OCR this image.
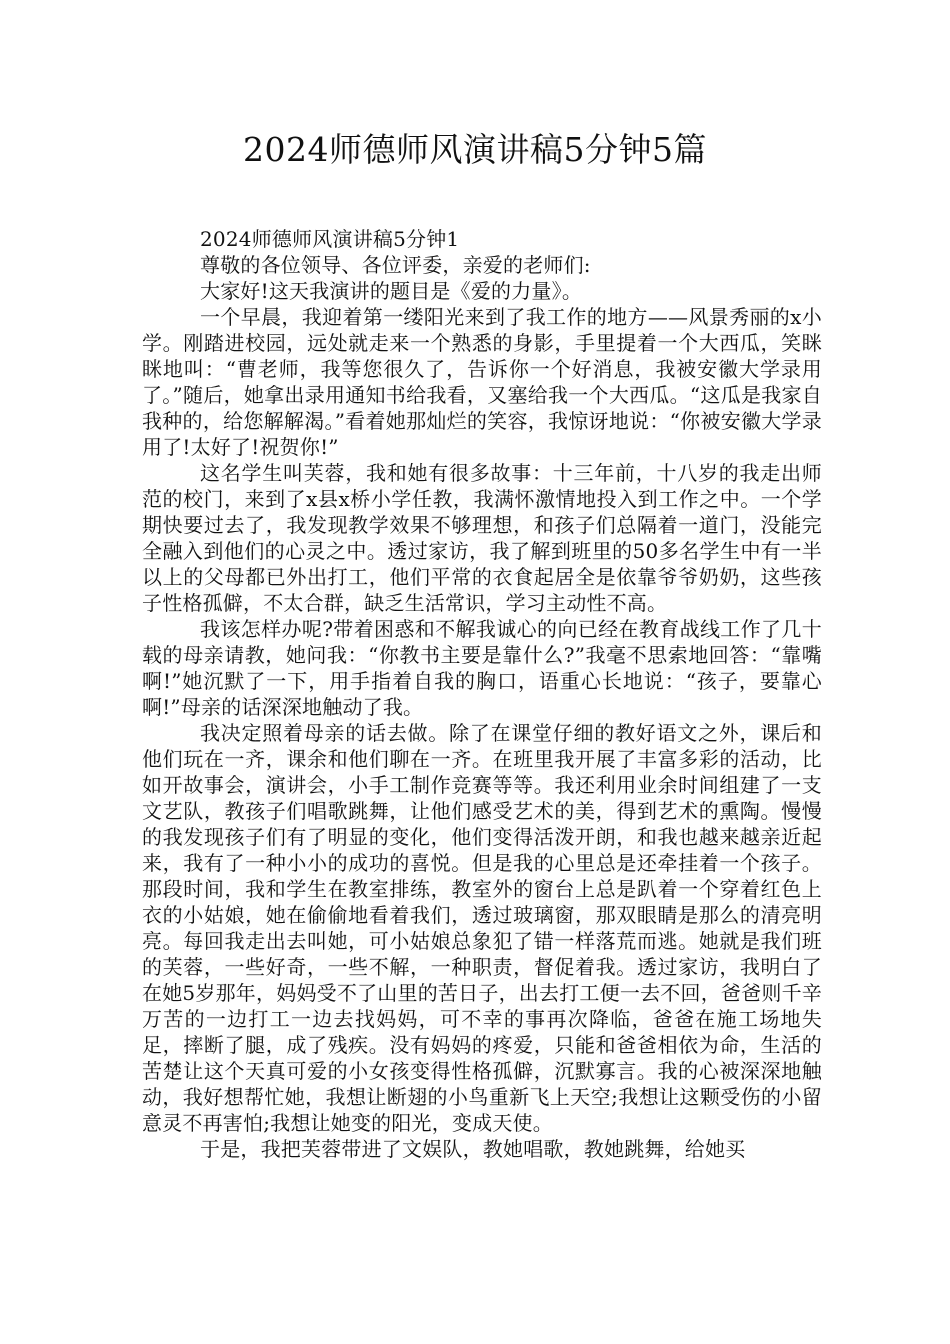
2024师德师风演讲稿5分钟5篇

2024师德师风演讲稿5分钟1

尊敬的各位领导、各位评委，亲爱的老师们:

大家好!这天我演讲的题目是《爱的力量》。

一个早晨，我迎着第一缕阳光来到了我工作的地方——风景秀丽的x小学。刚踏进校园，远处就走来一个熟悉的身影，手里提着一个大西瓜，笑眯眯地叫：“曹老师，我等您很久了，告诉你一个好消息，我被安徽大学录用了。”随后，她拿出录用通知书给我看，又塞给我一个大西瓜。“这瓜是我家自我种的，给您解解渴。”看着她那灿烂的笑容，我惊讶地说：“你被安徽大学录用了!太好了!祝贺你!”

这名学生叫芙蓉，我和她有很多故事：十三年前，十八岁的我走出师范的校门，来到了x县x桥小学任教，我满怀激情地投入到工作之中。一个学期快要过去了，我发现教学效果不够理想，和孩子们总隔着一道门，没能完全融入到他们的心灵之中。透过家访，我了解到班里的50多名学生中有一半以上的父母都已外出打工，他们平常的衣食起居全是依靠爷爷奶奶，这些孩子性格孤僻，不太合群，缺乏生活常识，学习主动性不高。

我该怎样办呢?带着困惑和不解我诚心的向已经在教育战线工作了几十载的母亲请教，她问我：“你教书主要是靠什么?”我毫不思索地回答：“靠嘴啊!”她沉默了一下，用手指着自我的胸口，语重心长地说：“孩子，要靠心啊!”母亲的话深深地触动了我。

我决定照着母亲的话去做。除了在课堂仔细的教好语文之外，课后和他们玩在一齐，课余和他们聊在一齐。在班里我开展了丰富多彩的活动，比如开故事会，演讲会，小手工制作竞赛等等。我还利用业余时间组建了一支文艺队，教孩子们唱歌跳舞，让他们感受艺术的美，得到艺术的熏陶。慢慢的我发现孩子们有了明显的变化，他们变得活泼开朗，和我也越来越亲近起来，我有了一种小小的成功的喜悦。但是我的心里总是还牵挂着一个孩子。那段时间，我和学生在教室排练，教室外的窗台上总是趴着一个穿着红色上衣的小姑娘，她在偷偷地看着我们，透过玻璃窗，那双眼睛是那么的清亮明亮。每回我走出去叫她，可小姑娘总象犯了错一样落荒而逃。她就是我们班的芙蓉，一些好奇，一些不解，一种职责，督促着我。透过家访，我明白了在她5岁那年，妈妈受不了山里的苦日子，出去打工便一去不回，爸爸则千辛万苦的一边打工一边去找妈妈，可不幸的事再次降临，爸爸在施工场地失足，摔断了腿，成了残疾。没有妈妈的疼爱，只能和爸爸相依为命，生活的苦楚让这个天真可爱的小女孩变得性格孤僻，沉默寡言。我的心被深深地触动，我好想帮忙她，我想让断翅的小鸟重新飞上天空;我想让这颗受伤的小留意灵不再害怕;我想让她变的阳光，变成天使。

于是，我把芙蓉带进了文娱队，教她唱歌，教她跳舞，给她买
